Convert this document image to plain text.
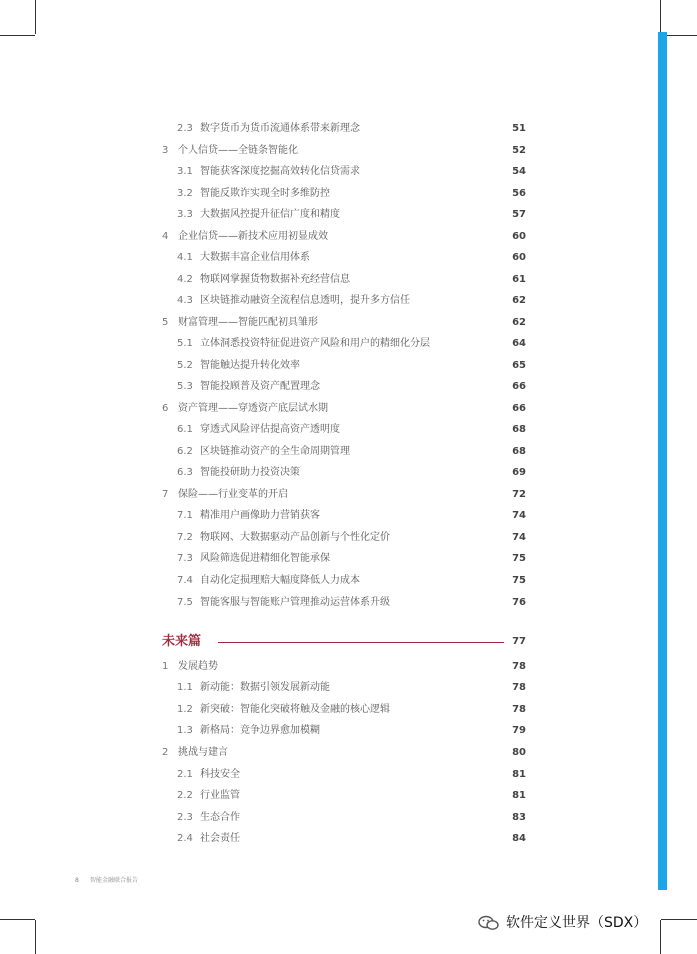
2.3 数字货币为货币流通体系带来新理念	51
3 个人信贷——全链条智能化	52
3.1 智能获客深度挖掘高效转化信贷需求	54
3.2 智能反欺诈实现全时多维防控	56
3.3 大数据风控提升征信广度和精度	57
4 企业信贷——新技术应用初显成效	60
4.1 大数据丰富企业信用体系	60
4.2 物联网掌握货物数据补充经营信息	61
4.3 区块链推动融资全流程信息透明，提升多方信任	62
5 财富管理——智能匹配初具雏形	62
5.1 立体洞悉投资特征促进资产风险和用户的精细化分层	64
5.2 智能触达提升转化效率	65
5.3 智能投顾普及资产配置理念	66
6 资产管理——穿透资产底层试水期	66
6.1 穿透式风险评估提高资产透明度	68
6.2 区块链推动资产的全生命周期管理	68
6.3 智能投研助力投资决策	69
7 保险——行业变革的开启	72
7.1 精准用户画像助力营销获客	74
7.2 物联网、大数据驱动产品创新与个性化定价	74
7.3 风险筛选促进精细化智能承保	75
7.4 自动化定损理赔大幅度降低人力成本	75
7.5 智能客服与智能账户管理推动运营体系升级	76
未来篇	77
1 发展趋势	78
1.1 新动能：数据引领发展新动能	78
1.2 新突破：智能化突破将触及金融的核心逻辑	78
1.3 新格局：竞争边界愈加模糊	79
2 挑战与建言	80
2.1 科技安全	81
2.2 行业监管	81
2.3 生态合作	83
2.4 社会责任	84
8 智能金融联合报告
软件定义世界（SDX）
